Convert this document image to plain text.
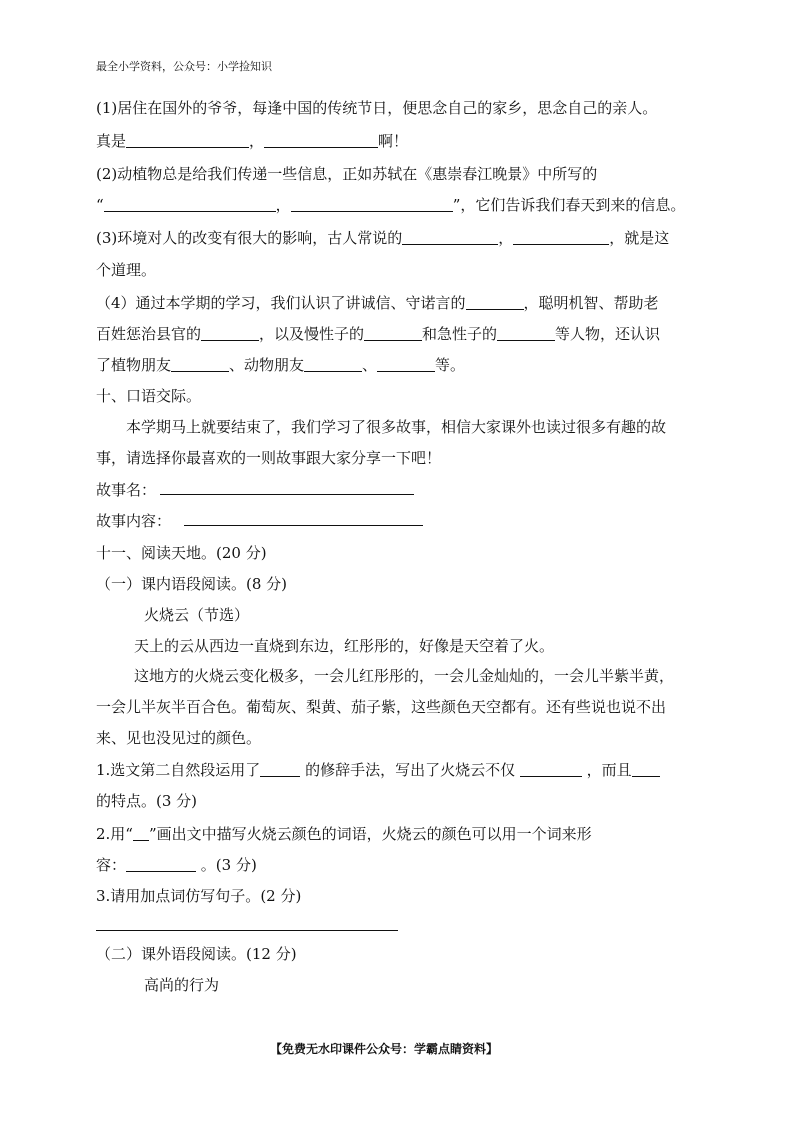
最全小学资料，公众号：小学捡知识
(1)居住在国外的爷爷，每逢中国的传统节日，便思念自己的家乡，思念自己的亲人。
真是	，	啊！
(2)动植物总是给我们传递一些信息，正如苏轼在《惠崇春江晚景》中所写的
“	，	”，它们告诉我们春天到来的信息。
(3)环境对人的改变有很大的影响，古人常说的	，	，就是这
个道理。
（4）通过本学期的学习，我们认识了讲诚信、守诺言的	，聪明机智、帮助老
百姓惩治县官的	，以及慢性子的	和急性子的	等人物，还认识
了植物朋友	、动物朋友	、	等。
十、口语交际。
本学期马上就要结束了，我们学习了很多故事，相信大家课外也读过很多有趣的故
事，请选择你最喜欢的一则故事跟大家分享一下吧！
故事名：
故事内容：
十一、阅读天地。(20 分)
（一）课内语段阅读。(8 分)
火烧云（节选）
天上的云从西边一直烧到东边，红彤彤的，好像是天空着了火。
这地方的火烧云变化极多，一会儿红彤彤的，一会儿金灿灿的，一会儿半紫半黄，
一会儿半灰半百合色。葡萄灰、梨黄、茄子紫，这些颜色天空都有。还有些说也说不出
来、见也没见过的颜色。
1.选文第二自然段运用了	的修辞手法，写出了火烧云不仅	，而且
的特点。(3 分)
2.用“ ”画出文中描写火烧云颜色的词语，火烧云的颜色可以用一个词来形
容：	。(3 分)
3.请用加点词仿写句子。(2 分)
（二）课外语段阅读。(12 分)
高尚的行为
【免费无水印课件公众号：学霸点睛资料】
